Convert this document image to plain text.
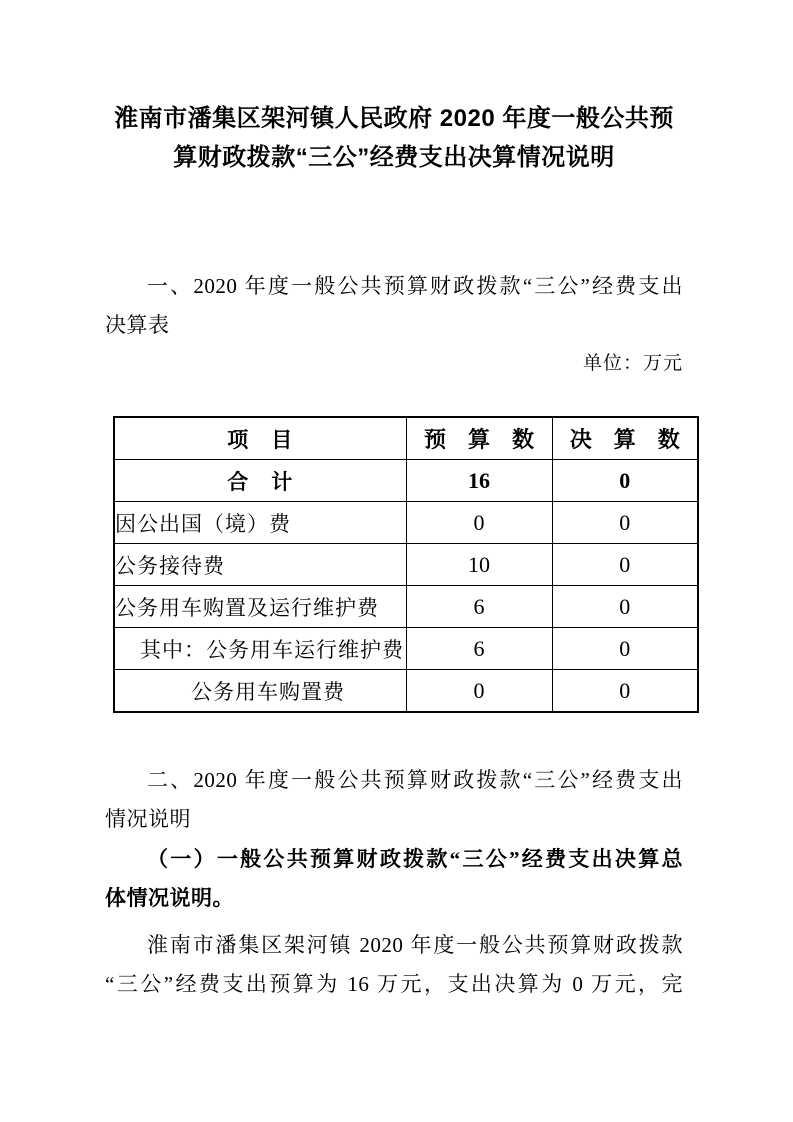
淮南市潘集区架河镇人民政府 2020 年度一般公共预 算财政拨款“三公”经费支出决算情况说明
一、2020 年度一般公共预算财政拨款“三公”经费支出
决算表
单位：万元
项　目	预　算　数	决　算　数
合　计	16	0
因公出国（境）费	0	0
公务接待费	10	0
公务用车购置及运行维护费	6	0
其中：公务用车运行维护费	6	0
公务用车购置费	0	0
二、2020 年度一般公共预算财政拨款“三公”经费支出
情况说明
（一）一般公共预算财政拨款“三公”经费支出决算总
体情况说明。
淮南市潘集区架河镇 2020 年度一般公共预算财政拨款
“三公”经费支出预算为 16 万元，支出决算为 0 万元，完
